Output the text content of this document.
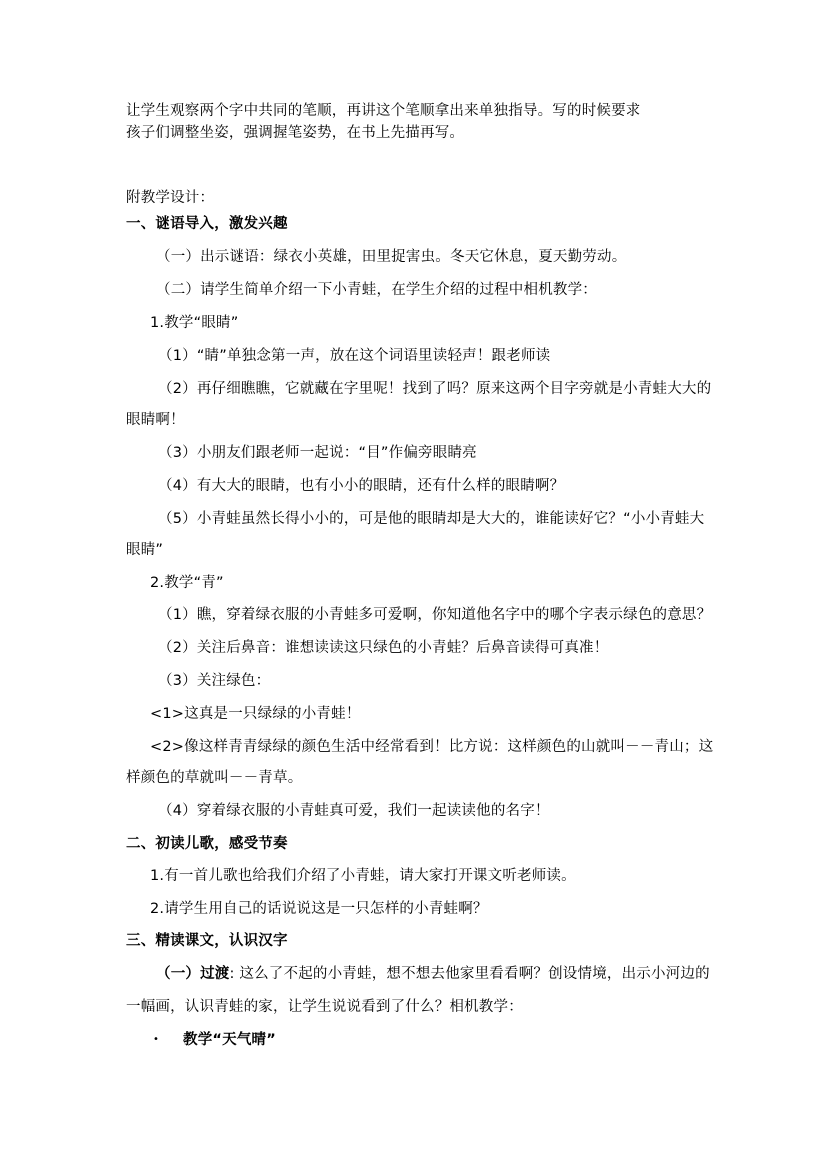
让学生观察两个字中共同的笔顺，再讲这个笔顺拿出来单独指导。写的时候要求
孩子们调整坐姿，强调握笔姿势，在书上先描再写。
附教学设计：
一、谜语导入，激发兴趣
（一）出示谜语：绿衣小英雄，田里捉害虫。冬天它休息，夏天勤劳动。
（二）请学生简单介绍一下小青蛙，在学生介绍的过程中相机教学：
1.教学“眼睛”
（1）“睛”单独念第一声，放在这个词语里读轻声！跟老师读
（2）再仔细瞧瞧，它就藏在字里呢！找到了吗？原来这两个目字旁就是小青蛙大大的
眼睛啊！
（3）小朋友们跟老师一起说：“目”作偏旁眼睛亮
（4）有大大的眼睛，也有小小的眼睛，还有什么样的眼睛啊？
（5）小青蛙虽然长得小小的，可是他的眼睛却是大大的，谁能读好它？“小小青蛙大
眼睛”
2.教学“青”
（1）瞧，穿着绿衣服的小青蛙多可爱啊，你知道他名字中的哪个字表示绿色的意思？
（2）关注后鼻音：谁想读读这只绿色的小青蛙？后鼻音读得可真准！
（3）关注绿色：
<1>这真是一只绿绿的小青蛙！
<2>像这样青青绿绿的颜色生活中经常看到！比方说：这样颜色的山就叫－－青山；这
样颜色的草就叫－－青草。
（4）穿着绿衣服的小青蛙真可爱，我们一起读读他的名字！
二、初读儿歌，感受节奏
1.有一首儿歌也给我们介绍了小青蛙，请大家打开课文听老师读。
2.请学生用自己的话说说这是一只怎样的小青蛙啊？
三、精读课文，认识汉字
（一）过渡: 这么了不起的小青蛙，想不想去他家里看看啊？创设情境，出示小河边的
一幅画，认识青蛙的家，让学生说说看到了什么？相机教学：
• 教学“天气晴”
